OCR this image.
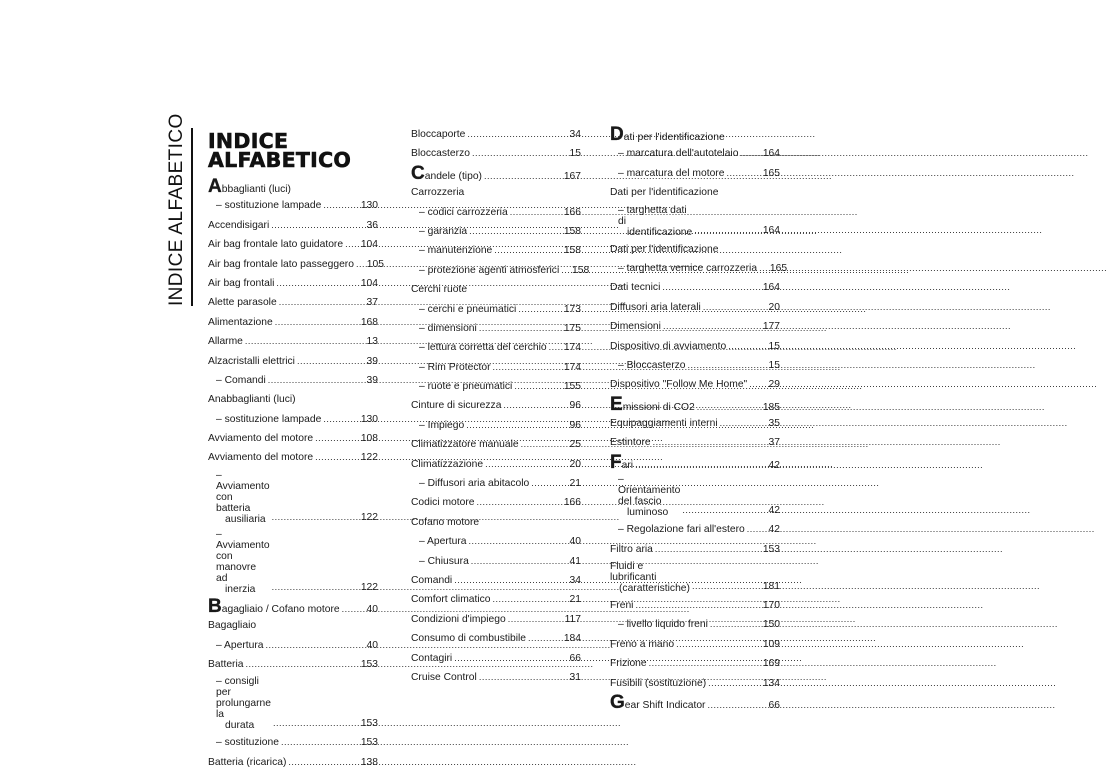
INDICE ALFABETICO INDICE
ALFABETICO
Abbaglianti (luci)
– sostituzione lampade .....	130
Accendisigari .....	36
Air bag frontale lato guidatore ..... 104
Air bag frontale lato passeggero ..... 105
Air bag frontali .....	104
Alette parasole .....	37
Alimentazione .....	168
Allarme .....	13
Alzacristalli elettrici .....	39
– Comandi .....	39
Anabbaglianti (luci)
– sostituzione lampade .....	130
Avviamento del motore .....	108
Avviamento del motore .....	122
– Avviamento con batteria
ausiliaria .....	122
– Avviamento con manovre ad
inerzia .....	122
Bagagliaio / Cofano motore .....	40
Bagagliaio
– Apertura .....	40
Batteria .....	153
– consigli per prolungarne la
durata .....	153
– sostituzione .....	153
Batteria (ricarica) .....	138
Bloccaporte .....	34
Bloccasterzo .....	15
Candele (tipo) .....	167
Carrozzeria
– codici carrozzeria .....	166
– garanzia .....	158
– manutenzione .....	158
– protezione agenti atmosferici ..... 158
Cerchi ruote
– cerchi e pneumatici .....	173
– dimensioni .....	175
– lettura corretta del cerchio ..... 174
– Rim Protector .....	174
– ruote e pneumatici .....	155
Cinture di sicurezza .....	96
– Impiego .....	96
Climatizzatore manuale .....	25
Climatizzazione .....	20
– Diffusori aria abitacolo .....	21
Codici motore .....	166
Cofano motore
– Apertura .....	40
– Chiusura .....	41
Comandi .....	34
Comfort climatico .....	21
Condizioni d'impiego .....	117
Consumo di combustibile .....	184
Contagiri .....	66
Cruise Control .....	31
Dati per l'identificazione
– marcatura dell'autotelaio ..... 164
– marcatura del motore .....	165
Dati per l'identificazione
– targhetta dati di
identificazione .....	164
Dati per l'identificazione
– targhetta vernice carrozzeria ..... 165
Dati tecnici .....	164
Diffusori aria laterali .....	20
Dimensioni .....	177
Dispositivo di avviamento .....	15
– Bloccasterzo .....	15
Dispositivo "Follow Me Home" .....	29
Emissioni di CO2 .....	185
Equipaggiamenti interni .....	35
Estintore .....	37
Fari .....	42
– Orientamento del fascio
luminoso .....	42
– Regolazione fari all'estero .....	42
Filtro aria .....	153
Fluidi e lubrificanti
(caratteristiche) .....	181
Freni .....	170
– livello liquido freni .....	150
Freno a mano .....	109
Frizione .....	169
Fusibili (sostituzione) .....	134
Gear Shift Indicator .....	66
